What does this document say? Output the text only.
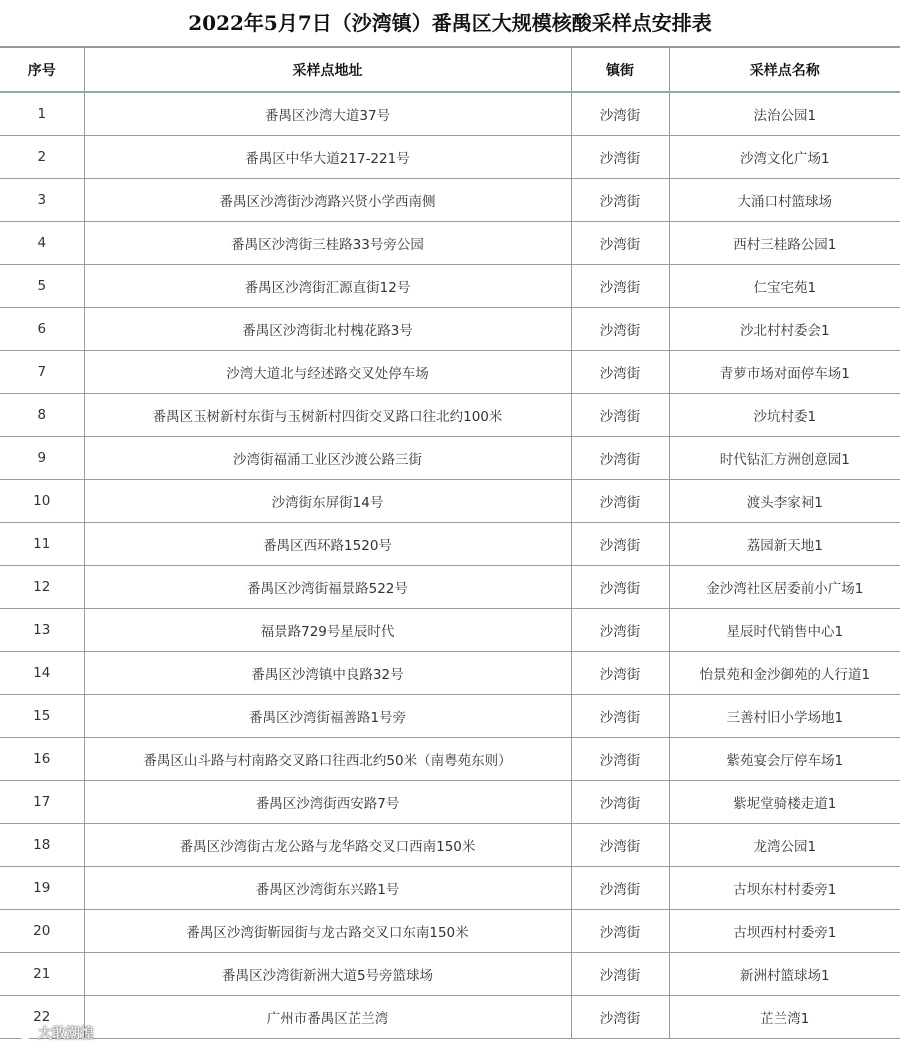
2022年5月7日（沙湾镇）番禺区大规模核酸采样点安排表
序号	采样点地址	镇街	采样点名称
1	番禺区沙湾大道37号	沙湾街	法治公园1
2	番禺区中华大道217-221号	沙湾街	沙湾文化广场1
3	番禺区沙湾街沙湾路兴贤小学西南侧	沙湾街	大涌口村篮球场
4	番禺区沙湾街三桂路33号旁公园	沙湾街	西村三桂路公园1
5	番禺区沙湾街汇源直街12号	沙湾街	仁宝宅苑1
6	番禺区沙湾街北村槐花路3号	沙湾街	沙北村村委会1
7	沙湾大道北与经述路交叉处停车场	沙湾街	青萝市场对面停车场1
8	番禺区玉树新村东街与玉树新村四街交叉路口往北约100米	沙湾街	沙坑村委1
9	沙湾街福涌工业区沙渡公路三街	沙湾街	时代钻汇方洲创意园1
10	沙湾街东屏街14号	沙湾街	渡头李家祠1
11	番禺区西环路1520号	沙湾街	荔园新天地1
12	番禺区沙湾街福景路522号	沙湾街	金沙湾社区居委前小广场1
13	福景路729号星辰时代	沙湾街	星辰时代销售中心1
14	番禺区沙湾镇中良路32号	沙湾街	怡景苑和金沙御苑的人行道1
15	番禺区沙湾街福善路1号旁	沙湾街	三善村旧小学场地1
16	番禺区山斗路与村南路交叉路口往西北约50米（南粤苑东则）	沙湾街	紫苑宴会厅停车场1
17	番禺区沙湾街西安路7号	沙湾街	紫坭堂骑楼走道1
18	番禺区沙湾街古龙公路与龙华路交叉口西南150米	沙湾街	龙湾公园1
19	番禺区沙湾街东兴路1号	沙湾街	古坝东村村委旁1
20	番禺区沙湾街靳园街与龙古路交叉口东南150米	沙湾街	古坝西村村委旁1
21	番禺区沙湾街新洲大道5号旁篮球场	沙湾街	新洲村篮球场1
22	广州市番禺区芷兰湾	沙湾街	芷兰湾1
大敢潮惶
